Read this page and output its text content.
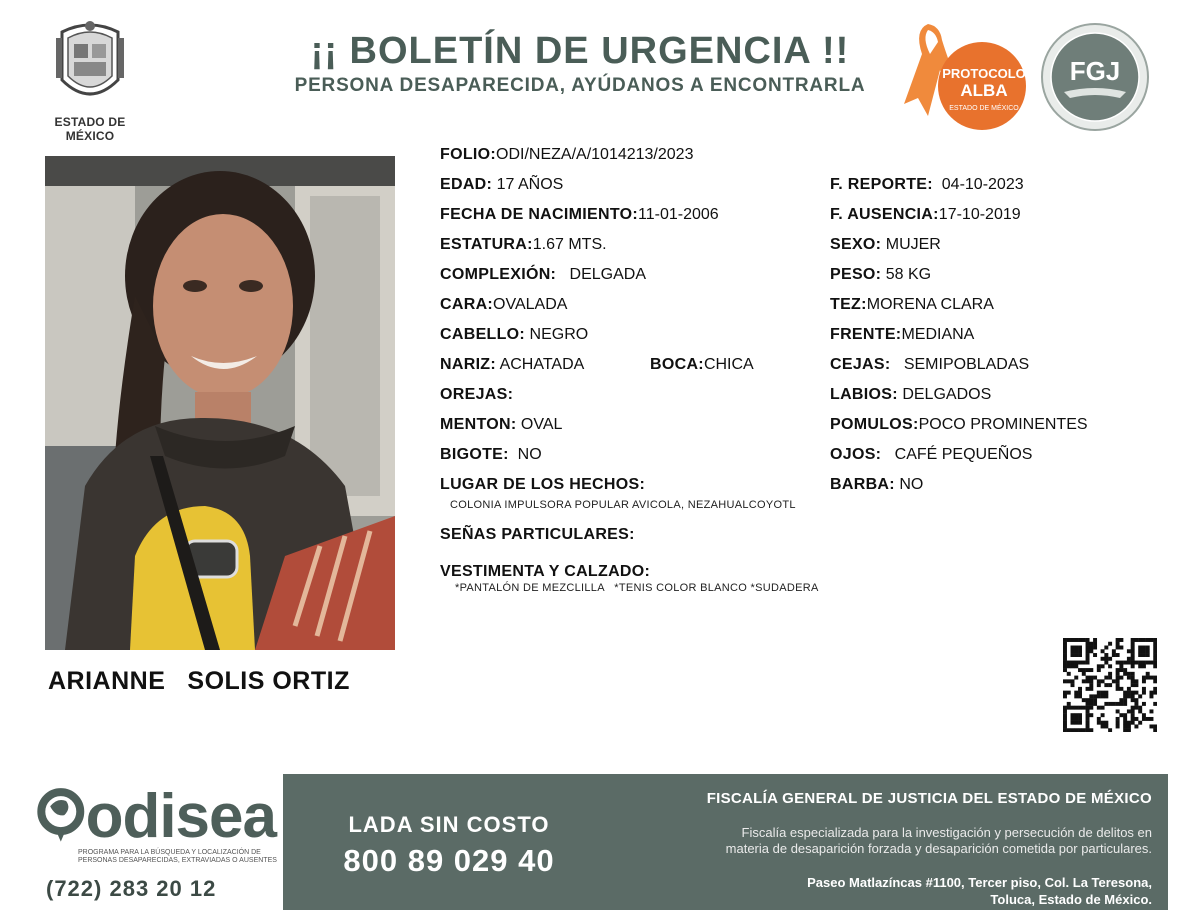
ESTADO DE MÉXICO
¡¡ BOLETÍN DE URGENCIA !!
PERSONA DESAPARECIDA, AYÚDANOS A ENCONTRARLA
PROTOCOLO
ALBA
ESTADO DE MÉXICO
FGJ
ARIANNE SOLIS ORTIZ
FOLIO:ODI/NEZA/A/1014213/2023
EDAD: 17 AÑOS
FECHA DE NACIMIENTO:11-01-2006
ESTATURA:1.67 MTS.
COMPLEXIÓN: DELGADA
CARA:OVALADA
CABELLO: NEGRO
NARIZ: ACHATADA	BOCA:CHICA
OREJAS:
MENTON: OVAL
BIGOTE: NO
LUGAR DE LOS HECHOS:
COLONIA IMPULSORA POPULAR AVICOLA, NEZAHUALCOYOTL
SEÑAS PARTICULARES:
VESTIMENTA Y CALZADO:
*PANTALÓN DE MEZCLILLA   *TENIS COLOR BLANCO *SUDADERA
F. REPORTE: 04-10-2023
F. AUSENCIA:17-10-2019
SEXO: MUJER
PESO: 58 KG
TEZ:MORENA CLARA
FRENTE:MEDIANA
CEJAS: SEMIPOBLADAS
LABIOS: DELGADOS
POMULOS:POCO PROMINENTES
OJOS: CAFÉ PEQUEÑOS
BARBA: NO
odisea
PROGRAMA PARA LA BÚSQUEDA Y LOCALIZACIÓN DE PERSONAS DESAPARECIDAS, EXTRAVIADAS O AUSENTES
(722) 283 20 12
LADA SIN COSTO
800 89 029 40
FISCALÍA GENERAL DE JUSTICIA DEL ESTADO DE MÉXICO
Fiscalía especializada para la investigación y persecución de delitos en
materia de desaparición forzada y desaparición cometida por particulares.
Paseo Matlazíncas #1100, Tercer piso, Col. La Teresona,
Toluca, Estado de México.
